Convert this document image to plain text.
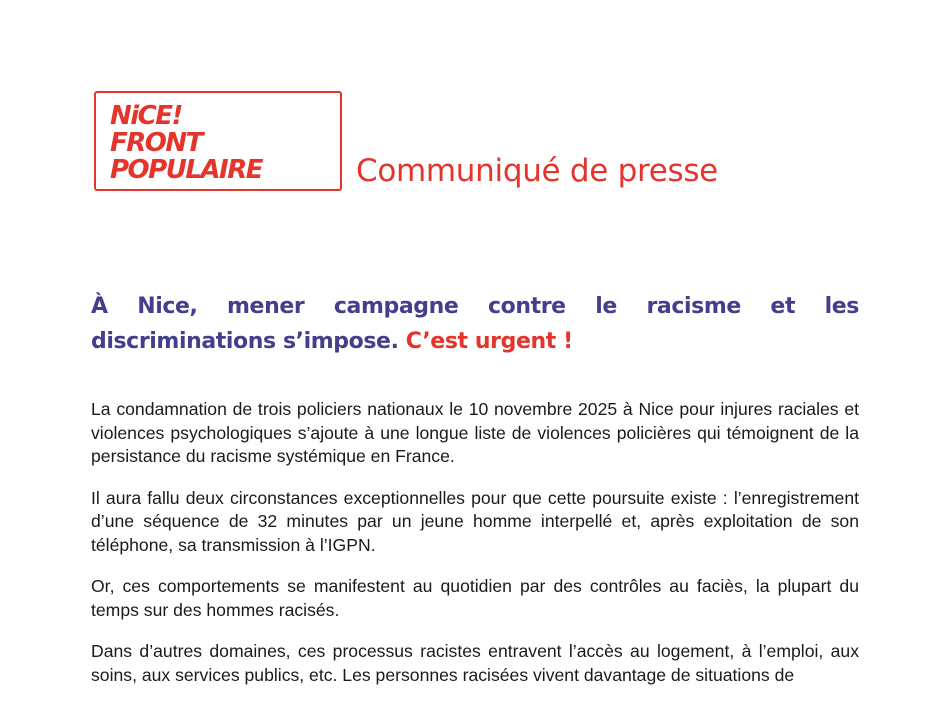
NiCE!
FRONT
POPULAIRE	Communiqué de presse
À Nice, mener campagne contre le racisme et les discriminations s’impose. C’est urgent !

La condamnation de trois policiers nationaux le 10 novembre 2025 à Nice pour injures raciales et violences psychologiques s’ajoute à une longue liste de violences policières qui témoignent de la persistance du racisme systémique en France.

Il aura fallu deux circonstances exceptionnelles pour que cette poursuite existe : l’enregistrement d’une séquence de 32 minutes par un jeune homme interpellé et, après exploitation de son téléphone, sa transmission à l’IGPN.

Or, ces comportements se manifestent au quotidien par des contrôles au faciès, la plupart du temps sur des hommes racisés.

Dans d’autres domaines, ces processus racistes entravent l’accès au logement, à l’emploi, aux soins, aux services publics, etc. Les personnes racisées vivent davantage de situations de
